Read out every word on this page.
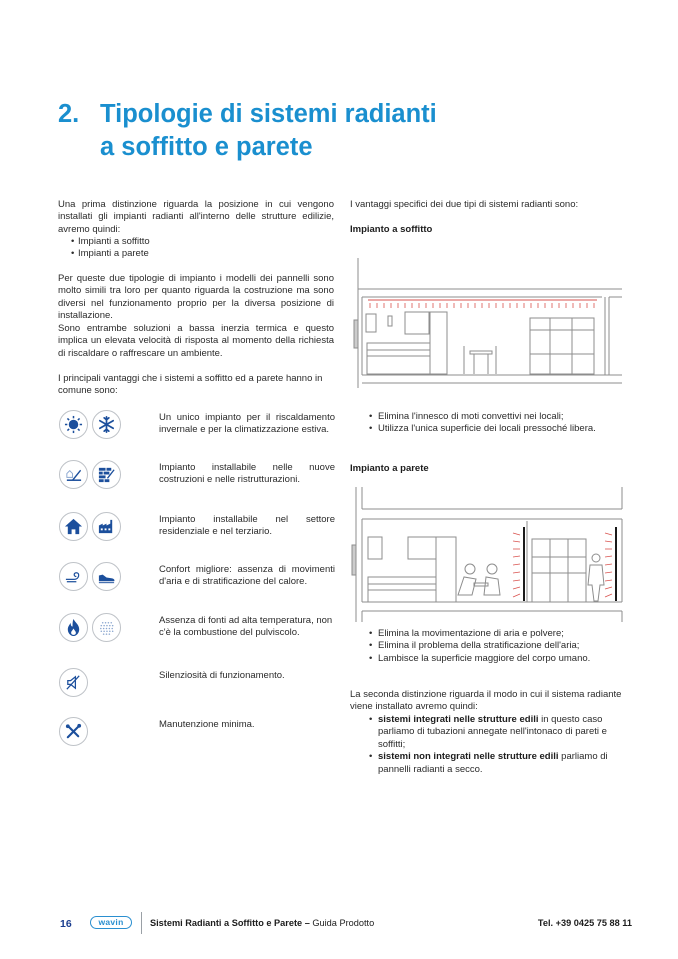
2. Tipologie di sistemi radianti
a soffitto e parete

Una prima distinzione riguarda la posizione in cui vengono installati gli impianti radianti all'interno delle strutture edilizie, avremo quindi:

• Impianti a soffitto
• Impianti a parete

Per queste due tipologie di impianto i modelli dei pannelli sono molto simili tra loro per quanto riguarda la costruzione ma sono diversi nel funzionamento proprio per la diversa posizione di installazione.

Sono entrambe soluzioni a bassa inerzia termica e questo implica un elevata velocità di risposta al momento della richiesta di riscaldare o raffrescare un ambiente.

I principali vantaggi che i sistemi a soffitto ed a parete hanno in comune sono:

Un unico impianto per il riscaldamento invernale e per la climatizzazione estiva.

Impianto installabile nelle nuove costruzioni e nelle ristrutturazioni.

Impianto installabile nel settore residenziale e nel terziario.

Confort migliore: assenza di movimenti d'aria e di stratificazione del calore.

Assenza di fonti ad alta temperatura, non c'è la combustione del pulviscolo.

Silenziosità di funzionamento.

Manutenzione minima.

I vantaggi specifici dei due tipi di sistemi radianti sono:

Impianto a soffitto
• Elimina l'innesco di moti convettivi nei locali;
• Utilizza l'unica superficie dei locali pressoché libera.
Impianto a parete
• Elimina la movimentazione di aria e polvere;
• Elimina il problema della stratificazione dell'aria;
• Lambisce la superficie maggiore del corpo umano.

La seconda distinzione riguarda il modo in cui il sistema radiante viene installato avremo quindi:

• sistemi integrati nelle strutture edili in questo caso parliamo di tubazioni annegate nell'intonaco di pareti e soffitti;
• sistemi non integrati nelle strutture edili parliamo di pannelli radianti a secco.
16	wavin	Sistemi Radianti a Soffitto e Parete – Guida Prodotto	Tel. +39 0425 75 88 11
